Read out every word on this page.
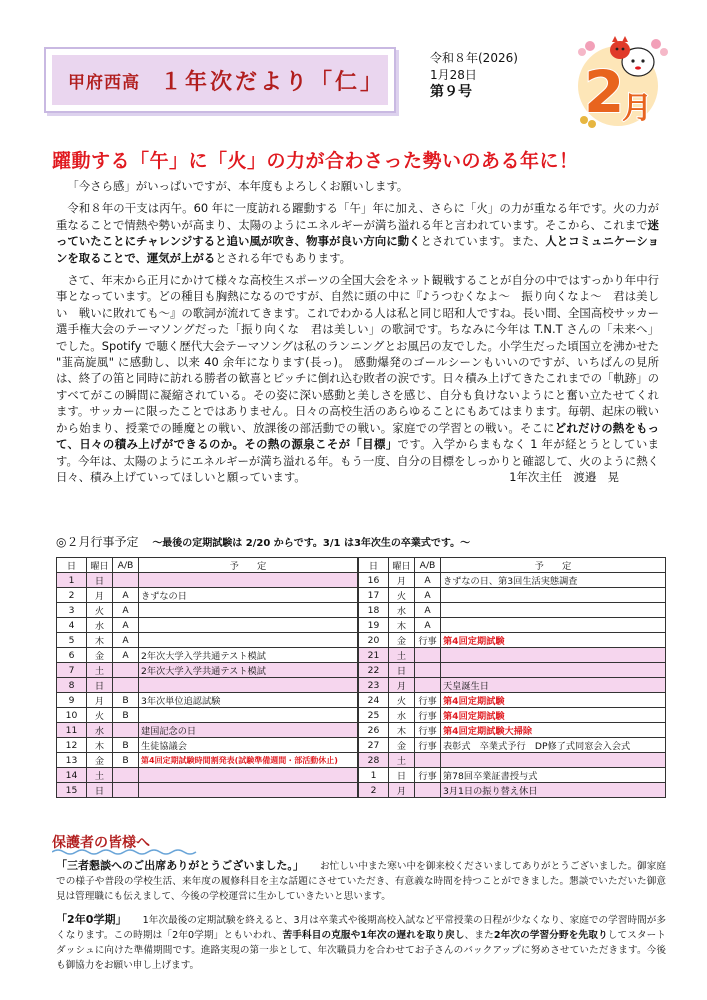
甲府西高 １年次だより「仁」
令和８年(2026)
1月28日
第９号	2
月
躍動する「午」に「火」の力が合わさった勢いのある年に！

「今さら感」がいっぱいですが、本年度もよろしくお願いします。

令和８年の干支は丙午。60 年に一度訪れる躍動する「午」年に加え、さらに「火」の力が重なる年です。火の力が重なることで情熱や勢いが高まり、太陽のようにエネルギーが満ち溢れる年と言われています。そこから、これまで迷っていたことにチャレンジすると追い風が吹き、物事が良い方向に動くとされています。また、人とコミュニケーションを取ることで、運気が上がるとされる年でもあります。

さて、年末から正月にかけて様々な高校生スポーツの全国大会をネット観戦することが自分の中ではすっかり年中行事となっています。どの種目も胸熱になるのですが、自然に頭の中に『♪うつむくなよ～　振り向くなよ～　君は美しい　戦いに敗れても～』の歌詞が流れてきます。これでわかる人は私と同じ昭和人ですね。長い間、全国高校サッカー選手権大会のテーマソングだった「振り向くな　君は美しい」の歌詞です。ちなみに今年は T.N.T さんの「未来へ」でした。Spotify で聴く歴代大会テーマソングは私のランニングとお風呂の友でした。小学生だった頃国立を沸かせた "韮高旋風" に感動し、以来 40 余年になります(長っ)。 感動爆発のゴールシーンもいいのですが、いちばんの見所は、終了の笛と同時に訪れる勝者の歓喜とピッチに倒れ込む敗者の涙です。日々積み上げてきたこれまでの「軌跡」のすべてがこの瞬間に凝縮されている。その姿に深い感動と美しさを感じ、自分も負けないようにと奮い立たせてくれます。サッカーに限ったことではありません。日々の高校生活のあらゆることにもあてはまります。毎朝、起床の戦いから始まり、授業での睡魔との戦い、放課後の部活動での戦い。家庭での学習との戦い。そこにどれだけの熱をもって、日々の積み上げができるのか。その熱の源泉こそが「目標」です。入学からまもなく 1 年が経とうとしています。今年は、太陽のようにエネルギーが満ち溢れる年。もう一度、自分の目標をしっかりと確認して、火のように熱く日々、積み上げていってほしいと願っています。	1年次主任　渡邉　晃
◎２月行事予定 ～最後の定期試験は 2/20 からです。3/1 は3年次生の卒業式です。～
日	曜日	A/B	予　　定
1	日		
2	月	A	きずなの日
3	火	A	
4	水	A	
5	木	A	
6	金	A	2年次大学入学共通テスト模試
7	土		2年次大学入学共通テスト模試
8	日		
9	月	B	3年次単位追認試験
10	火	B	
11	水		建国記念の日
12	木	B	生徒協議会
13	金	B	第4回定期試験時間割発表(試験準備週間・部活動休止)
14	土		
15	日		
日	曜日	A/B	予　　定
16	月	A	きずなの日、第3回生活実態調査
17	火	A	
18	水	A	
19	木	A	
20	金	行事	第4回定期試験
21	土		
22	日		
23	月		天皇誕生日
24	火	行事	第4回定期試験
25	水	行事	第4回定期試験
26	木	行事	第4回定期試験大掃除
27	金	行事	表彰式　卒業式予行　DP修了式同窓会入会式
28	土		
1	日	行事	第78回卒業証書授与式
2	月		3月1日の振り替え休日
保護者の皆様へ
「三者懇談へのご出席ありがとうございました。」 お忙しい中また寒い中を御来校くださいましてありがとうございました。御家庭での様子や普段の学校生活、来年度の履修科目を主な話題にさせていただき、有意義な時間を持つことができました。懇談でいただいた御意見は管理職にも伝えまして、今後の学校運営に生かしていきたいと思います。
「2年0学期」 1年次最後の定期試験を終えると、3月は卒業式や後期高校入試など平常授業の日程が少なくなり、家庭での学習時間が多くなります。この時期は「2年0学期」ともいわれ、苦手科目の克服や1年次の遅れを取り戻し、また2年次の学習分野を先取りしてスタートダッシュに向けた準備期間です。進路実現の第一歩として、年次職員力を合わせてお子さんのバックアップに努めさせていただきます。今後も御協力をお願い申し上げます。
